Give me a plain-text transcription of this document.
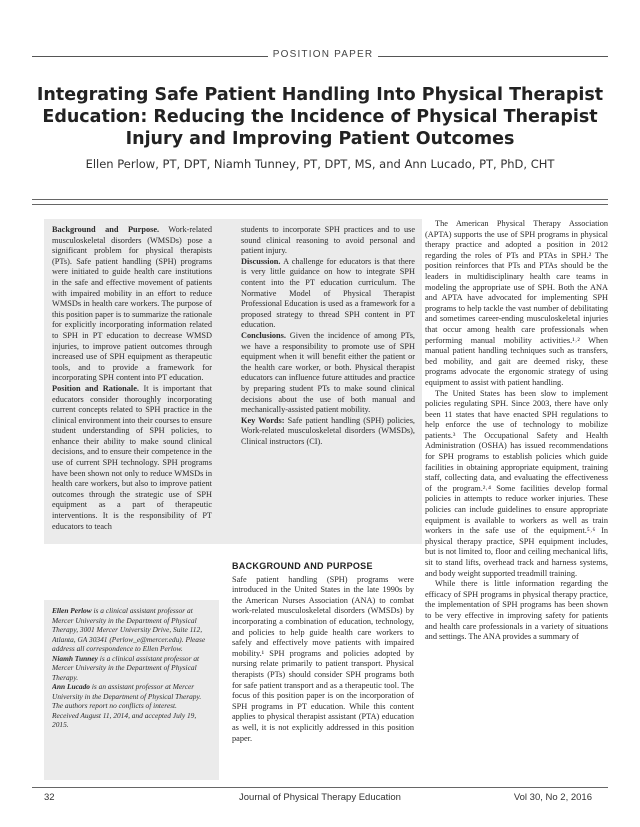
POSITION PAPER
Integrating Safe Patient Handling Into Physical Therapist Education: Reducing the Incidence of Physical Therapist Injury and Improving Patient Outcomes
Ellen Perlow, PT, DPT, Niamh Tunney, PT, DPT, MS, and Ann Lucado, PT, PhD, CHT

Background and Purpose. Work-related musculoskeletal disorders (WMSDs) pose a significant problem for physical therapists (PTs). Safe patient handling (SPH) programs were initiated to guide health care institutions in the safe and effective movement of patients with impaired mobility in an effort to reduce WMSDs in health care workers. The purpose of this position paper is to summarize the rationale for explicitly incorporating information related to SPH in PT education to decrease WMSD injuries, to improve patient outcomes through increased use of SPH equipment as therapeutic tools, and to provide a framework for incorporating SPH content into PT education.

Position and Rationale. It is important that educators consider thoroughly incorporating current concepts related to SPH practice in the clinical environment into their courses to ensure student understanding of SPH policies, to enhance their ability to make sound clinical decisions, and to ensure their competence in the use of current SPH technology. SPH programs have been shown not only to reduce WMSDs in health care workers, but also to improve patient outcomes through the strategic use of SPH equipment as a part of therapeutic interventions. It is the responsibility of PT educators to teach

Ellen Perlow is a clinical assistant professor at Mercer University in the Department of Physical Therapy, 3001 Mercer University Drive, Suite 112, Atlanta, GA 30341 (Perlow_e@mercer.edu). Please address all correspondence to Ellen Perlow.

Niamh Tunney is a clinical assistant professor at Mercer University in the Department of Physical Therapy.

Ann Lucado is an assistant professor at Mercer University in the Department of Physical Therapy.

The authors report no conflicts of interest.

Received August 11, 2014, and accepted July 19, 2015.

students to incorporate SPH practices and to use sound clinical reasoning to avoid personal and patient injury.

Discussion. A challenge for educators is that there is very little guidance on how to integrate SPH content into the PT education curriculum. The Normative Model of Physical Therapist Professional Education is used as a framework for a proposed strategy to thread SPH content in PT education.

Conclusions. Given the incidence of among PTs, we have a responsibility to promote use of SPH equipment when it will benefit either the patient or the health care worker, or both. Physical therapist educators can influence future attitudes and practice by preparing student PTs to make sound clinical decisions about the use of both manual and mechanically-assisted patient mobility.

Key Words: Safe patient handling (SPH) policies, Work-related musculoskeletal disorders (WMSDs), Clinical instructors (CI).

BACKGROUND AND PURPOSE

Safe patient handling (SPH) programs were introduced in the United States in the late 1990s by the American Nurses Association (ANA) to combat work-related musculoskeletal disorders (WMSDs) by incorporating a combination of education, technology, and policies to help guide health care workers to safely and effectively move patients with impaired mobility.¹ SPH programs and policies adopted by nursing relate primarily to patient transport. Physical therapists (PTs) should consider SPH programs both for safe patient transport and as a therapeutic tool. The focus of this position paper is on the incorporation of SPH programs in PT education. While this content applies to physical therapist assistant (PTA) education as well, it is not explicitly addressed in this position paper.

The American Physical Therapy Association (APTA) supports the use of SPH programs in physical therapy practice and adopted a position in 2012 regarding the roles of PTs and PTAs in SPH.² The position reinforces that PTs and PTAs should be the leaders in multidisciplinary health care teams in modeling the appropriate use of SPH. Both the ANA and APTA have advocated for implementing SPH programs to help tackle the vast number of debilitating and sometimes career-ending musculoskeletal injuries that occur among health care professionals when performing manual mobility activities.¹˒² When manual patient handling techniques such as transfers, bed mobility, and gait are deemed risky, these programs advocate the ergonomic strategy of using equipment to assist with patient handling.

The United States has been slow to implement policies regulating SPH. Since 2003, there have only been 11 states that have enacted SPH regulations to help enforce the use of technology to mobilize patients.³ The Occupational Safety and Health Administration (OSHA) has issued recommendations for SPH programs to establish policies which guide facilities in obtaining appropriate equipment, training staff, collecting data, and evaluating the effectiveness of the program.²˒⁴ Some facilities develop formal policies in attempts to reduce worker injuries. These policies can include guidelines to ensure appropriate equipment is available to workers as well as train workers in the safe use of the equipment.⁵˒⁶ In physical therapy practice, SPH equipment includes, but is not limited to, floor and ceiling mechanical lifts, sit to stand lifts, overhead track and harness systems, and body weight supported treadmill training.

While there is little information regarding the efficacy of SPH programs in physical therapy practice, the implementation of SPH programs has been shown to be very effective in improving safety for patients and health care professionals in a variety of situations and settings. The ANA provides a summary of

32	Journal of Physical Therapy Education	Vol 30, No 2, 2016
